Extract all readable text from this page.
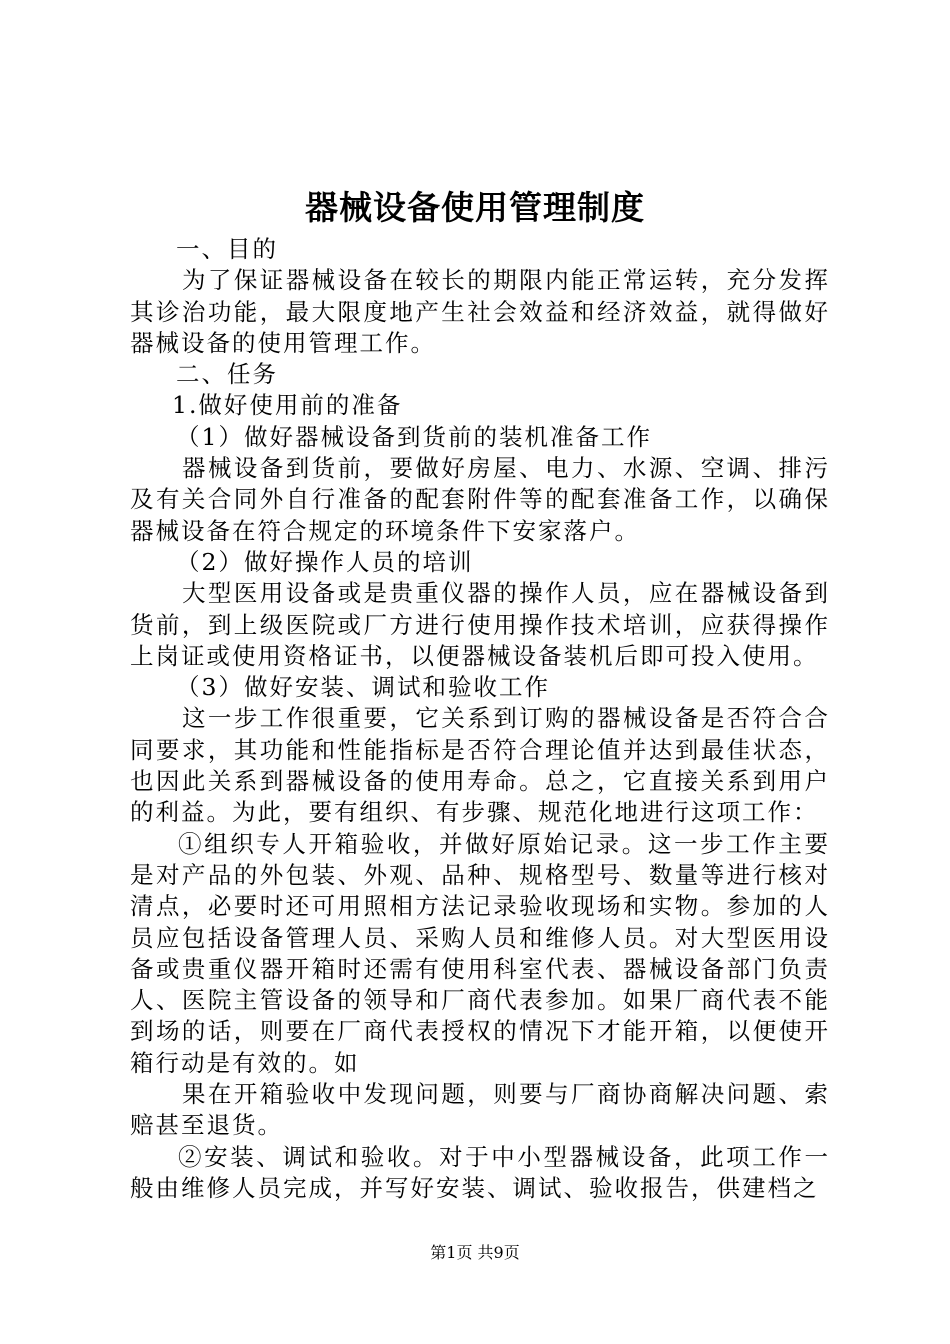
器械设备使用管理制度

一、目的

为了保证器械设备在较长的期限内能正常运转，充分发挥其诊治功能，最大限度地产生社会效益和经济效益，就得做好器械设备的使用管理工作。

二、任务

1.做好使用前的准备

（1）做好器械设备到货前的装机准备工作

器械设备到货前，要做好房屋、电力、水源、空调、排污及有关合同外自行准备的配套附件等的配套准备工作，以确保器械设备在符合规定的环境条件下安家落户。

（2）做好操作人员的培训

大型医用设备或是贵重仪器的操作人员，应在器械设备到货前，到上级医院或厂方进行使用操作技术培训，应获得操作上岗证或使用资格证书，以便器械设备装机后即可投入使用。

（3）做好安装、调试和验收工作

这一步工作很重要，它关系到订购的器械设备是否符合合同要求，其功能和性能指标是否符合理论值并达到最佳状态，也因此关系到器械设备的使用寿命。总之，它直接关系到用户的利益。为此，要有组织、有步骤、规范化地进行这项工作：

①组织专人开箱验收，并做好原始记录。这一步工作主要是对产品的外包装、外观、品种、规格型号、数量等进行核对清点，必要时还可用照相方法记录验收现场和实物。参加的人员应包括设备管理人员、采购人员和维修人员。对大型医用设备或贵重仪器开箱时还需有使用科室代表、器械设备部门负责人、医院主管设备的领导和厂商代表参加。如果厂商代表不能到场的话，则要在厂商代表授权的情况下才能开箱，以便使开箱行动是有效的。如

果在开箱验收中发现问题，则要与厂商协商解决问题、索赔甚至退货。

②安装、调试和验收。对于中小型器械设备，此项工作一般由维修人员完成，并写好安装、调试、验收报告，供建档之

第1页 共9页
